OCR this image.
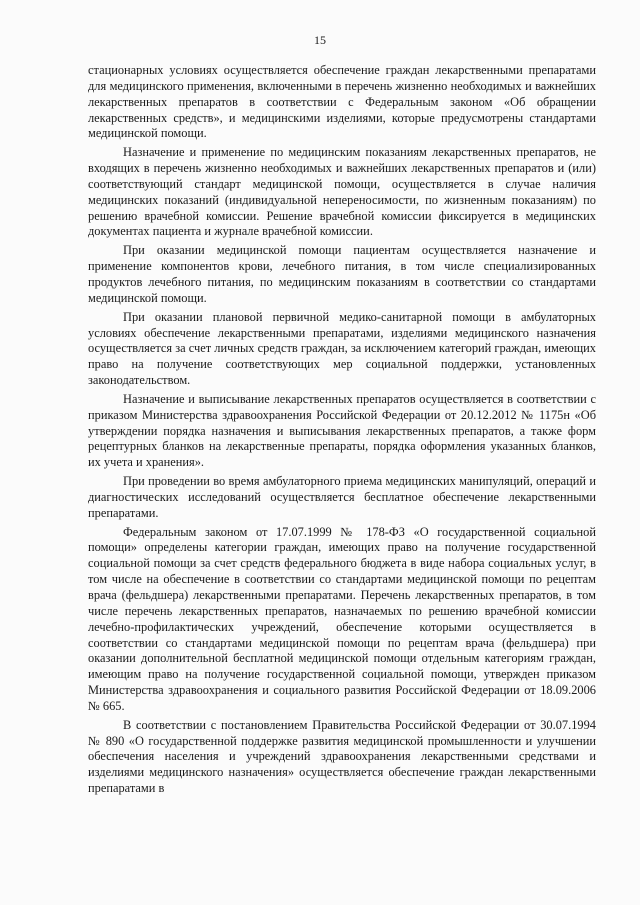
15

стационарных условиях осуществляется обеспечение граждан лекарственными препаратами для медицинского применения, включенными в перечень жизненно необходимых и важнейших лекарственных препаратов в соответствии с Федеральным законом «Об обращении лекарственных средств», и медицинскими изделиями, которые предусмотрены стандартами медицинской помощи.

Назначение и применение по медицинским показаниям лекарственных препаратов, не входящих в перечень жизненно необходимых и важнейших лекарственных препаратов и (или) соответствующий стандарт медицинской помощи, осуществляется в случае наличия медицинских показаний (индивидуальной непереносимости, по жизненным показаниям) по решению врачебной комиссии. Решение врачебной комиссии фиксируется в медицинских документах пациента и журнале врачебной комиссии.

При оказании медицинской помощи пациентам осуществляется назначение и применение компонентов крови, лечебного питания, в том числе специализированных продуктов лечебного питания, по медицинским показаниям в соответствии со стандартами медицинской помощи.

При оказании плановой первичной медико-санитарной помощи в амбулаторных условиях обеспечение лекарственными препаратами, изделиями медицинского назначения осуществляется за счет личных средств граждан, за исключением категорий граждан, имеющих право на получение соответствующих мер социальной поддержки, установленных законодательством.

Назначение и выписывание лекарственных препаратов осуществляется в соответствии с приказом Министерства здравоохранения Российской Федерации от 20.12.2012 № 1175н «Об утверждении порядка назначения и выписывания лекарственных препаратов, а также форм рецептурных бланков на лекарственные препараты, порядка оформления указанных бланков, их учета и хранения».

При проведении во время амбулаторного приема медицинских манипуляций, операций и диагностических исследований осуществляется бесплатное обеспечение лекарственными препаратами.

Федеральным законом от 17.07.1999 № 178-ФЗ «О государственной социальной помощи» определены категории граждан, имеющих право на получение государственной социальной помощи за счет средств федерального бюджета в виде набора социальных услуг, в том числе на обеспечение в соответствии со стандартами медицинской помощи по рецептам врача (фельдшера) лекарственными препаратами. Перечень лекарственных препаратов, в том числе перечень лекарственных препаратов, назначаемых по решению врачебной комиссии лечебно-профилактических учреждений, обеспечение которыми осуществляется в соответствии со стандартами медицинской помощи по рецептам врача (фельдшера) при оказании дополнительной бесплатной медицинской помощи отдельным категориям граждан, имеющим право на получение государственной социальной помощи, утвержден приказом Министерства здравоохранения и социального развития Российской Федерации от 18.09.2006 № 665.

В соответствии с постановлением Правительства Российской Федерации от 30.07.1994 № 890 «О государственной поддержке развития медицинской промышленности и улучшении обеспечения населения и учреждений здравоохранения лекарственными средствами и изделиями медицинского назначения» осуществляется обеспечение граждан лекарственными препаратами в
